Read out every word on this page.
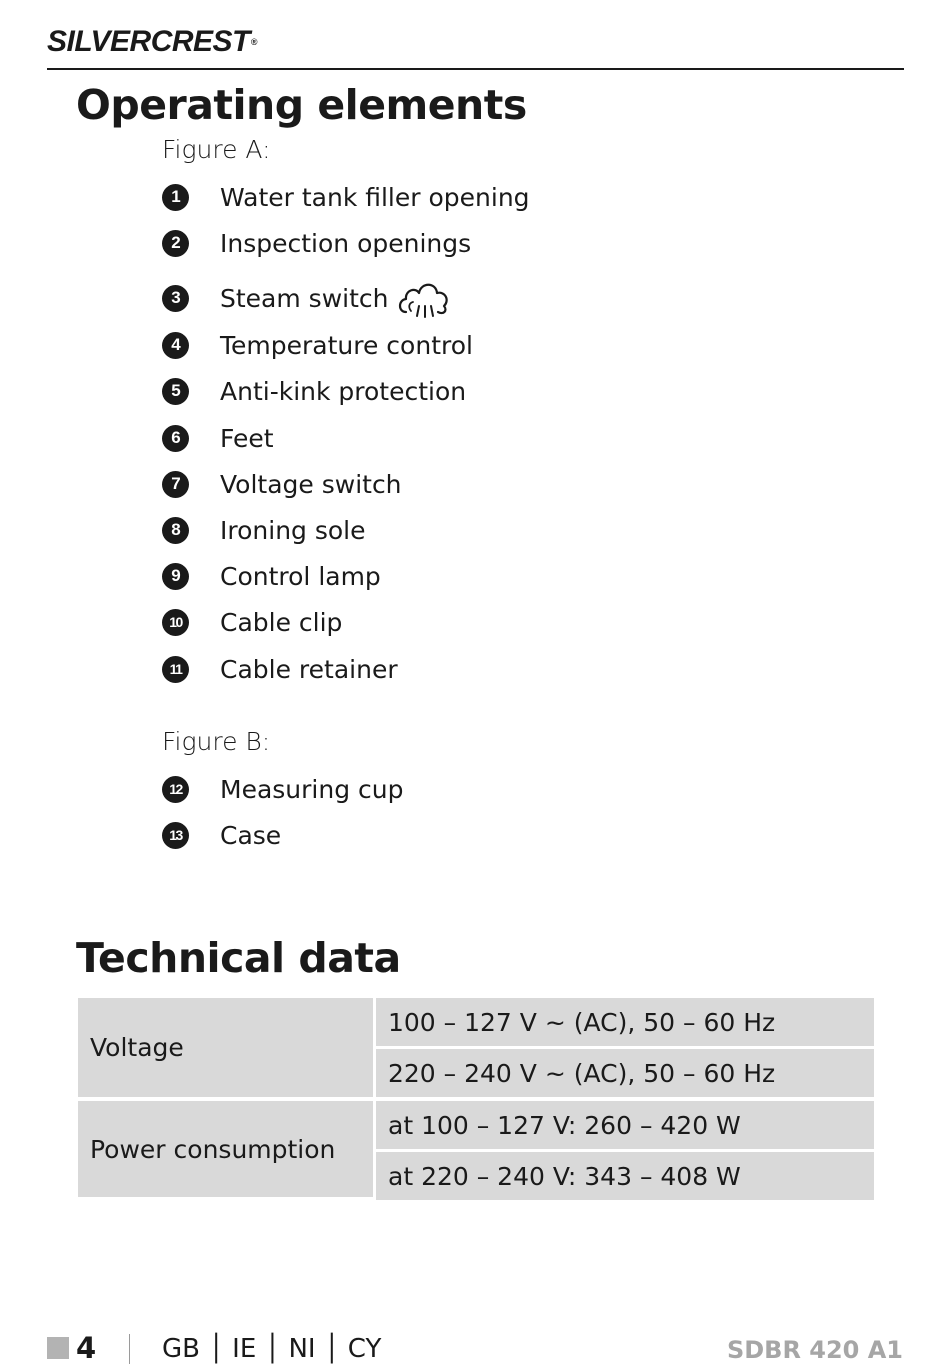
SILVERCREST®
Operating elements
Figure A:
1	Water tank filler opening
2	Inspection openings
3	Steam switch
4	Temperature control
5	Anti-kink protection
6	Feet
7	Voltage switch
8	Ironing sole
9	Control lamp
10 Cable clip
11	Cable retainer
Figure B:
12 Measuring cup
13 Case
Technical data
Voltage	100 – 127 V ~ (AC), 50 – 60 Hz
	220 – 240 V ~ (AC), 50 – 60 Hz
Power consumption	at 100 – 127 V: 260 – 420 W
	at 220 – 240 V: 343 – 408 W
4	GB │ IE │ NI │ CY	SDBR 420 A1
